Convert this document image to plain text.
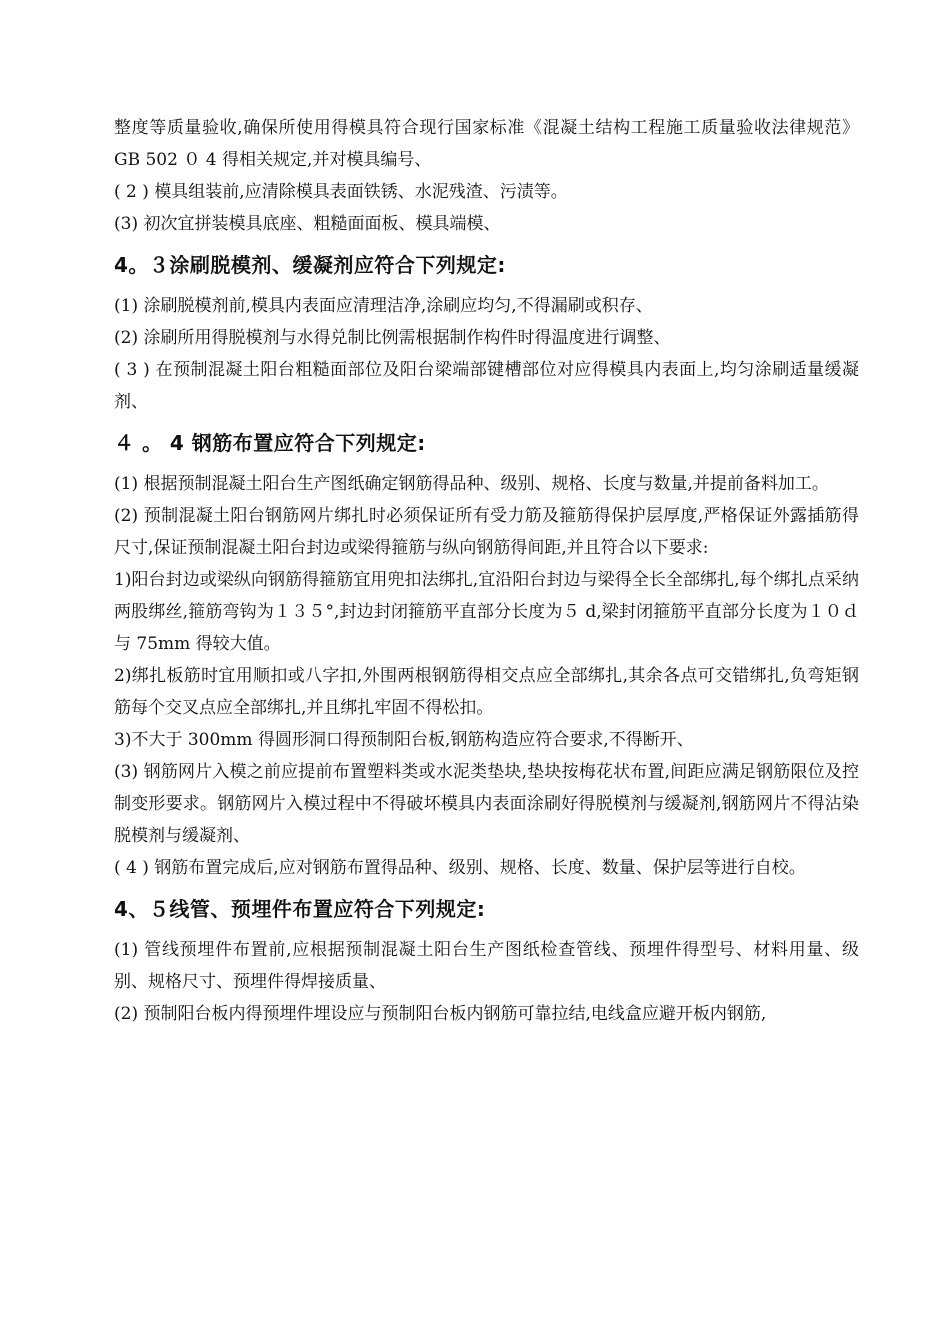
整度等质量验收,确保所使用得模具符合现行国家标准《混凝土结构工程施工质量验收法律规范》GB 502 ０ 4 得相关规定,并对模具编号、

( 2 ) 模具组装前,应清除模具表面铁锈、水泥残渣、污渍等。

(3) 初次宜拼装模具底座、粗糙面面板、模具端模、

4。３涂刷脱模剂、缓凝剂应符合下列规定:

(1) 涂刷脱模剂前,模具内表面应清理洁净,涂刷应均匀,不得漏刷或积存、

(2) 涂刷所用得脱模剂与水得兑制比例需根据制作构件时得温度进行调整、

( 3 ) 在预制混凝土阳台粗糙面部位及阳台梁端部键槽部位对应得模具内表面上,均匀涂刷适量缓凝剂、

４ 。 4 钢筋布置应符合下列规定:

(1) 根据预制混凝土阳台生产图纸确定钢筋得品种、级别、规格、长度与数量,并提前备料加工。

(2) 预制混凝土阳台钢筋网片绑扎时必须保证所有受力筋及箍筋得保护层厚度,严格保证外露插筋得尺寸,保证预制混凝土阳台封边或梁得箍筋与纵向钢筋得间距,并且符合以下要求:

1)阳台封边或梁纵向钢筋得箍筋宜用兜扣法绑扎,宜沿阳台封边与梁得全长全部绑扎,每个绑扎点采纳两股绑丝,箍筋弯钩为１３５°,封边封闭箍筋平直部分长度为５ d,梁封闭箍筋平直部分长度为１０ｄ 与 75mm 得较大值。

2)绑扎板筋时宜用顺扣或八字扣,外围两根钢筋得相交点应全部绑扎,其余各点可交错绑扎,负弯矩钢筋每个交叉点应全部绑扎,并且绑扎牢固不得松扣。

3)不大于 300mm 得圆形洞口得预制阳台板,钢筋构造应符合要求,不得断开、

(3) 钢筋网片入模之前应提前布置塑料类或水泥类垫块,垫块按梅花状布置,间距应满足钢筋限位及控制变形要求。钢筋网片入模过程中不得破坏模具内表面涂刷好得脱模剂与缓凝剂,钢筋网片不得沾染脱模剂与缓凝剂、

( 4 ) 钢筋布置完成后,应对钢筋布置得品种、级别、规格、长度、数量、保护层等进行自校。

4、５线管、预埋件布置应符合下列规定:

(1) 管线预埋件布置前,应根据预制混凝土阳台生产图纸检查管线、预埋件得型号、材料用量、级别、规格尺寸、预埋件得焊接质量、

(2) 预制阳台板内得预埋件埋设应与预制阳台板内钢筋可靠拉结,电线盒应避开板内钢筋,
